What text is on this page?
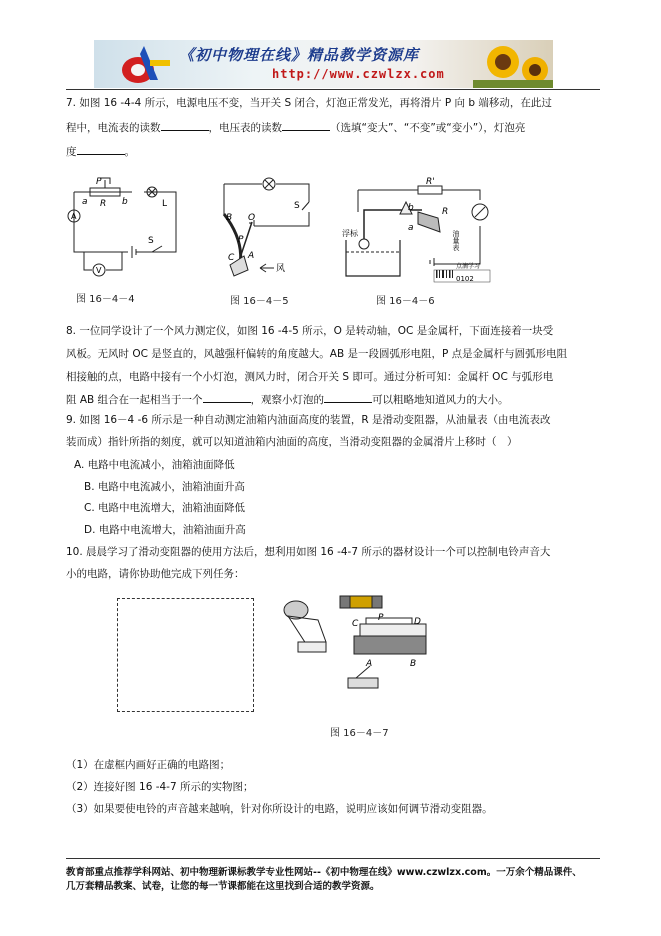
《初中物理在线》精品教学资源库
http://www.czwlzx.com
7. 如图 16 -4-4 所示，电源电压不变，当开关 S 闭合，灯泡正常发光，再将滑片 P 向 b 端移动，在此过
程中，电流表的读数	，电压表的读数	（选填“变大”、“不变”或“变小”），灯泡亮
度	。
P
a R b	L
A
S
V
图 16－4－4
S
B O
C A
P
风
图 16－4－5
R'
浮标	油量表
R
a
b
点滴学习
0102
图 16－4－6
8. 一位同学设计了一个风力测定仪，如图 16 -4-5 所示，O 是转动轴，OC 是金属杆，下面连接着一块受
风板。无风时 OC 是竖直的，风越强杆偏转的角度越大。AB 是一段圆弧形电阻，P 点是金属杆与圆弧形电阻
相接触的点，电路中接有一个小灯泡，测风力时，闭合开关 S 即可。通过分析可知：金属杆 OC 与弧形电
阻 AB 组合在一起相当于一个	，观察小灯泡的	可以粗略地知道风力的大小。
9. 如图 16－4 -6 所示是一种自动测定油箱内油面高度的装置，R 是滑动变阻器，从油量表（由电流表改
装而成）指针所指的刻度，就可以知道油箱内油面的高度，当滑动变阻器的金属滑片上移时（　）
A. 电路中电流减小，油箱油面降低
B. 电路中电流减小，油箱油面升高
C. 电路中电流增大，油箱油面降低
D. 电路中电流增大，油箱油面升高
10. 晨晨学习了滑动变阻器的使用方法后，想利用如图 16 -4-7 所示的器材设计一个可以控制电铃声音大
小的电路，请你协助他完成下列任务：
C
P	D
A	B
图 16－4－7
（1）在虚框内画好正确的电路图；
（2）连接好图 16 -4-7 所示的实物图；
（3）如果要使电铃的声音越来越响，针对你所设计的电路，说明应该如何调节滑动变阻器。
教育部重点推荐学科网站、初中物理新课标教学专业性网站--《初中物理在线》www.czwlzx.com。一万余个精品课件、
几万套精品教案、试卷，让您的每一节课都能在这里找到合适的教学资源。
